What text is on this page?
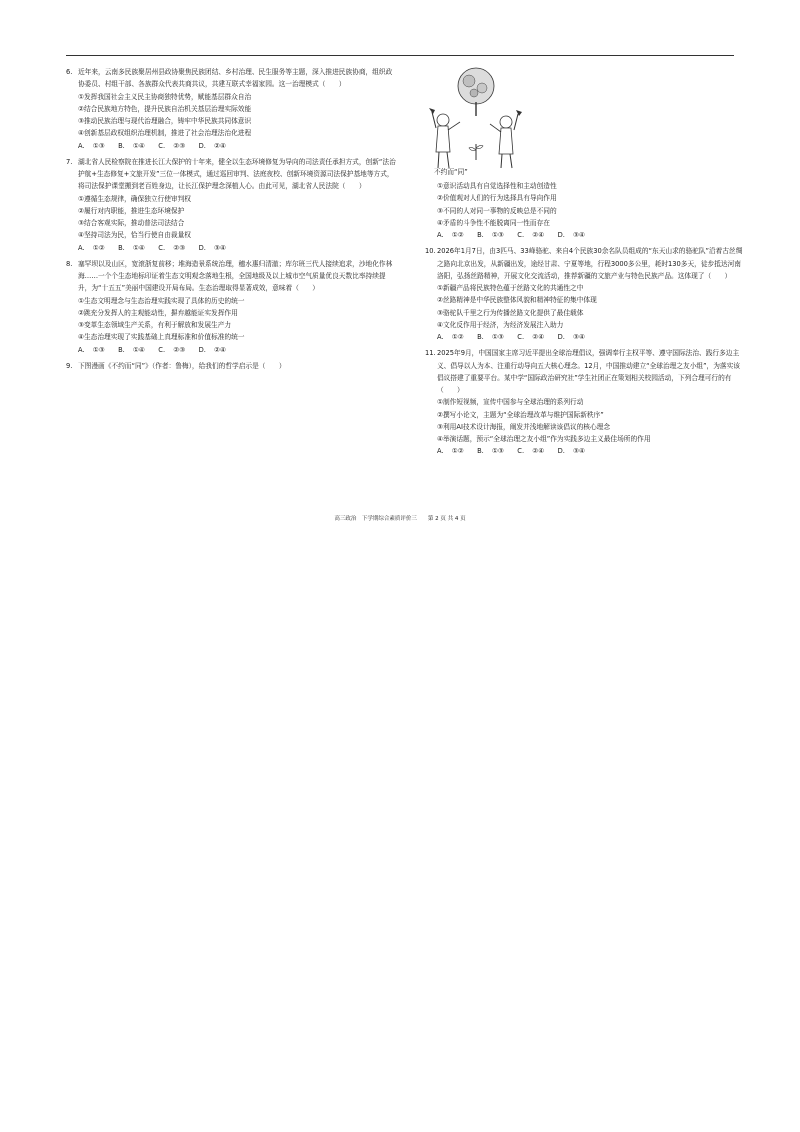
6. 近年来，云南多民族聚居州县政协聚焦民族团结、乡村治理、民生服务等主题，深入推进民族协商，组织政协委员、村组干部、各族群众代表共商共议，共建互联式幸福家园。这一治理模式（　　）
①发挥我国社会主义民主协商独特优势，赋能基层群众自治
②结合民族地方特色，提升民族自治机关基层治理实际效能
③推动民族治理与现代治理融合，铸牢中华民族共同体意识
④创新基层政权组织治理机制，推进了社会治理法治化进程
A. ①③　　B. ①④　　C. ②③　　D. ②④
7. 湖北省人民检察院在推进长江大保护的十年来，健全以生态环境修复为导向的司法责任承担方式，创新“法治护航+生态修复+文旅开发”三位一体模式，通过巡回审判、法庭夜校、创新环境资源司法保护基地等方式，将司法保护课堂搬到老百姓身边，让长江保护理念深植人心。由此可见，湖北省人民法院（　　）
①遵循生态规律，确保独立行使审判权
②履行对内职能，推进生态环境保护
③结合客观实际，推动普法司法结合
④坚持司法为民，恰当行使自由裁量权
A. ①②　　B. ①④　　C. ②③　　D. ③④
8. 塞罕坝以及山区，宽滚浙复前移；堆海造景系统治理，穗水惠归清澈；库尔班三代人接续追求，沙地化作林海……一个个生态地标印证着生态文明观念落地生根，全国地级及以上城市空气质量优良天数比率持续提升，为“十五五”美丽中国建设开局布局。生态治理取得显著成效，意味着（　　）
①生态文明理念与生态治理实践实现了具体的历史的统一
②跳充分发挥人的主观能动性，摒弃越能证实发挥作用
③变革生态领域生产关系，有利于解放和发展生产力
④生态治理实现了实践基础上真理标准和价值标准的统一
A. ①③　　B. ①④　　C. ②③　　D. ②④
9. 下图漫画《不约而“同”》（作者：鲁梅），给我们的哲学启示是（　　）
不约而“同”
①意识活动具有自觉选择性和主动创造性
②价值观对人们的行为选择具有导向作用
③不同的人对同一事物的反映总是不同的
④矛盾的斗争性不能脱离同一性而存在
A. ①②　　B. ①③　　C. ②④　　D. ③④
10.2026年1月7日，由3匹马、33峰骆驼、来自4个民族30余名队员组成的“东天山求的骆驼队”沿着古丝绸之路向北京出发，从新疆出发，途经甘肃、宁夏等地，行程3000多公里，耗时130多天，徒步抵达河南洛阳，弘扬丝路精神，开展文化交流活动，推荐新疆的文旅产业与特色民族产品。这体现了（　　）
①新疆产品将民族特色蕴于丝路文化的共通性之中
②丝路精神是中华民族整体风貌和精神特征的集中体现
③骆驼队千里之行为传播丝路文化提供了最佳载体
④文化反作用于经济，为经济发展注入助力
A. ①②　　B. ①③　　C. ②④　　D. ③④
11.2025年9月，中国国家主席习近平提出全球治理倡议，强调奉行主权平等、遵守国际法治、践行多边主义、倡导以人为本、注重行动导向五大核心理念。12月，中国推动建立“全球治理之友小组”，为落实该倡议搭建了重要平台。某中学“国际政治研究社”学生社团正在策划相关校园活动，下列合理可行的有（　　）
①制作短视频，宣传中国参与全球治理的系列行动
②撰写小论文，主题为“全球治理改革与维护国际新秩序”
③利用AI技术设计海报，阐发并浅地解读该倡议的核心理念
④举演话题，预示“全球治理之友小组”作为实践多边主义最佳场所的作用
A. ①②　　B. ①③　　C. ②④　　D. ③④
高三政治　下学期综合素质评价三　　第 2 页 共 4 页
